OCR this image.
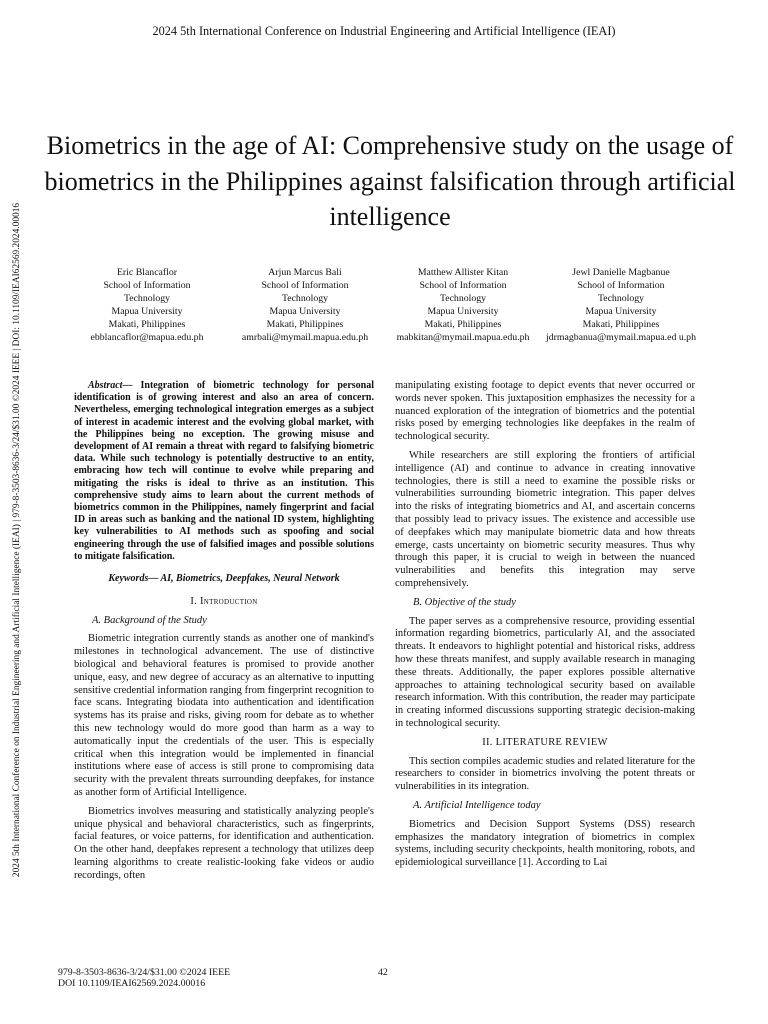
2024 5th International Conference on Industrial Engineering and Artificial Intelligence (IEAI)
2024 5th International Conference on Industrial Engineering and Artificial Intelligence (IEAI) | 979-8-3503-8636-3/24/$31.00 ©2024 IEEE | DOI: 10.1109/IEAI62569.2024.00016
Biometrics in the age of AI: Comprehensive study on the usage of biometrics in the Philippines against falsification through artificial intelligence
Eric Blancaflor
School of Information
Technology
Mapua University
Makati, Philippines
ebblancaflor@mapua.edu.ph
Arjun Marcus Bali
School of Information
Technology
Mapua University
Makati, Philippines
amrbali@mymail.mapua.edu.ph
Matthew Allister Kitan
School of Information
Technology
Mapua University
Makati, Philippines
mabkitan@mymail.mapua.edu.ph
Jewl Danielle Magbanue
School of Information
Technology
Mapua University
Makati, Philippines
jdrmagbanua@mymail.mapua.ed u.ph

Abstract— Integration of biometric technology for personal identification is of growing interest and also an area of concern. Nevertheless, emerging technological integration emerges as a subject of interest in academic interest and the evolving global market, with the Philippines being no exception. The growing misuse and development of AI remain a threat with regard to falsifying biometric data. While such technology is potentially destructive to an entity, embracing how tech will continue to evolve while preparing and mitigating the risks is ideal to thrive as an institution. This comprehensive study aims to learn about the current methods of biometrics common in the Philippines, namely fingerprint and facial ID in areas such as banking and the national ID system, highlighting key vulnerabilities to AI methods such as spoofing and social engineering through the use of falsified images and possible solutions to mitigate falsification.

Keywords— AI, Biometrics, Deepfakes, Neural Network

I. Introduction

A. Background of the Study

Biometric integration currently stands as another one of mankind's milestones in technological advancement. The use of distinctive biological and behavioral features is promised to provide another unique, easy, and new degree of accuracy as an alternative to inputting sensitive credential information ranging from fingerprint recognition to face scans. Integrating biodata into authentication and identification systems has its praise and risks, giving room for debate as to whether this new technology would do more good than harm as a way to automatically input the credentials of the user. This is especially critical when this integration would be implemented in financial institutions where ease of access is still prone to compromising data security with the prevalent threats surrounding deepfakes, for instance as another form of Artificial Intelligence.

Biometrics involves measuring and statistically analyzing people's unique physical and behavioral characteristics, such as fingerprints, facial features, or voice patterns, for identification and authentication. On the other hand, deepfakes represent a technology that utilizes deep learning algorithms to create realistic-looking fake videos or audio recordings, often

manipulating existing footage to depict events that never occurred or words never spoken. This juxtaposition emphasizes the necessity for a nuanced exploration of the integration of biometrics and the potential risks posed by emerging technologies like deepfakes in the realm of technological security.

While researchers are still exploring the frontiers of artificial intelligence (AI) and continue to advance in creating innovative technologies, there is still a need to examine the possible risks or vulnerabilities surrounding biometric integration. This paper delves into the risks of integrating biometrics and AI, and ascertain concerns that possibly lead to privacy issues. The existence and accessible use of deepfakes which may manipulate biometric data and how threats emerge, casts uncertainty on biometric security measures. Thus why through this paper, it is crucial to weigh in between the nuanced vulnerabilities and benefits this integration may serve comprehensively.

B. Objective of the study

The paper serves as a comprehensive resource, providing essential information regarding biometrics, particularly AI, and the associated threats. It endeavors to highlight potential and historical risks, address how these threats manifest, and supply available research in managing these threats. Additionally, the paper explores possible alternative approaches to attaining technological security based on available research information. With this contribution, the reader may participate in creating informed discussions supporting strategic decision-making in technological security.

II. LITERATURE REVIEW

This section compiles academic studies and related literature for the researchers to consider in biometrics involving the potent threats or vulnerabilities in its integration.

A. Artificial Intelligence today

Biometrics and Decision Support Systems (DSS) research emphasizes the mandatory integration of biometrics in complex systems, including security checkpoints, health monitoring, robots, and epidemiological surveillance [1]. According to Lai

979-8-3503-8636-3/24/$31.00 ©2024 IEEE
DOI 10.1109/IEAI62569.2024.00016
42
